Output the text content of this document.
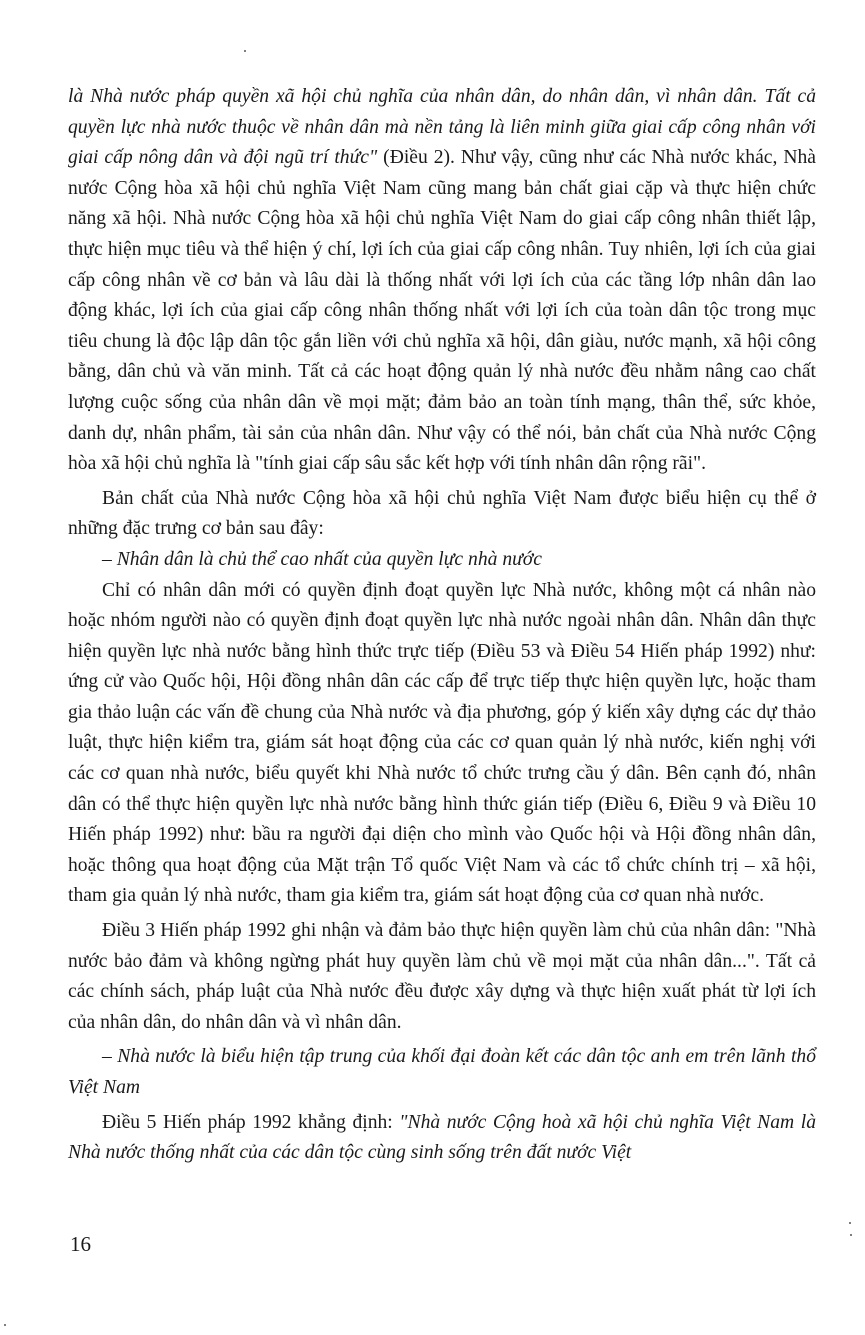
là Nhà nước pháp quyền xã hội chủ nghĩa của nhân dân, do nhân dân, vì nhân dân. Tất cả quyền lực nhà nước thuộc về nhân dân mà nền tảng là liên minh giữa giai cấp công nhân với giai cấp nông dân và đội ngũ trí thức" (Điều 2). Như vậy, cũng như các Nhà nước khác, Nhà nước Cộng hòa xã hội chủ nghĩa Việt Nam cũng mang bản chất giai cặp và thực hiện chức năng xã hội. Nhà nước Cộng hòa xã hội chủ nghĩa Việt Nam do giai cấp công nhân thiết lập, thực hiện mục tiêu và thể hiện ý chí, lợi ích của giai cấp công nhân. Tuy nhiên, lợi ích của giai cấp công nhân về cơ bản và lâu dài là thống nhất với lợi ích của các tầng lớp nhân dân lao động khác, lợi ích của giai cấp công nhân thống nhất với lợi ích của toàn dân tộc trong mục tiêu chung là độc lập dân tộc gắn liền với chủ nghĩa xã hội, dân giàu, nước mạnh, xã hội công bằng, dân chủ và văn minh. Tất cả các hoạt động quản lý nhà nước đều nhằm nâng cao chất lượng cuộc sống của nhân dân về mọi mặt; đảm bảo an toàn tính mạng, thân thể, sức khỏe, danh dự, nhân phẩm, tài sản của nhân dân. Như vậy có thể nói, bản chất của Nhà nước Cộng hòa xã hội chủ nghĩa là "tính giai cấp sâu sắc kết hợp với tính nhân dân rộng rãi".

Bản chất của Nhà nước Cộng hòa xã hội chủ nghĩa Việt Nam được biểu hiện cụ thể ở những đặc trưng cơ bản sau đây:

– Nhân dân là chủ thể cao nhất của quyền lực nhà nước

Chỉ có nhân dân mới có quyền định đoạt quyền lực Nhà nước, không một cá nhân nào hoặc nhóm người nào có quyền định đoạt quyền lực nhà nước ngoài nhân dân. Nhân dân thực hiện quyền lực nhà nước bằng hình thức trực tiếp (Điều 53 và Điều 54 Hiến pháp 1992) như: ứng cử vào Quốc hội, Hội đồng nhân dân các cấp để trực tiếp thực hiện quyền lực, hoặc tham gia thảo luận các vấn đề chung của Nhà nước và địa phương, góp ý kiến xây dựng các dự thảo luật, thực hiện kiểm tra, giám sát hoạt động của các cơ quan quản lý nhà nước, kiến nghị với các cơ quan nhà nước, biểu quyết khi Nhà nước tổ chức trưng cầu ý dân. Bên cạnh đó, nhân dân có thể thực hiện quyền lực nhà nước bằng hình thức gián tiếp (Điều 6, Điều 9 và Điều 10 Hiến pháp 1992) như: bầu ra người đại diện cho mình vào Quốc hội và Hội đồng nhân dân, hoặc thông qua hoạt động của Mặt trận Tổ quốc Việt Nam và các tổ chức chính trị – xã hội, tham gia quản lý nhà nước, tham gia kiểm tra, giám sát hoạt động của cơ quan nhà nước.

Điều 3 Hiến pháp 1992 ghi nhận và đảm bảo thực hiện quyền làm chủ của nhân dân: "Nhà nước bảo đảm và không ngừng phát huy quyền làm chủ về mọi mặt của nhân dân...". Tất cả các chính sách, pháp luật của Nhà nước đều được xây dựng và thực hiện xuất phát từ lợi ích của nhân dân, do nhân dân và vì nhân dân.

– Nhà nước là biểu hiện tập trung của khối đại đoàn kết các dân tộc anh em trên lãnh thổ Việt Nam

Điều 5 Hiến pháp 1992 khẳng định: "Nhà nước Cộng hoà xã hội chủ nghĩa Việt Nam là Nhà nước thống nhất của các dân tộc cùng sinh sống trên đất nước Việt

16
